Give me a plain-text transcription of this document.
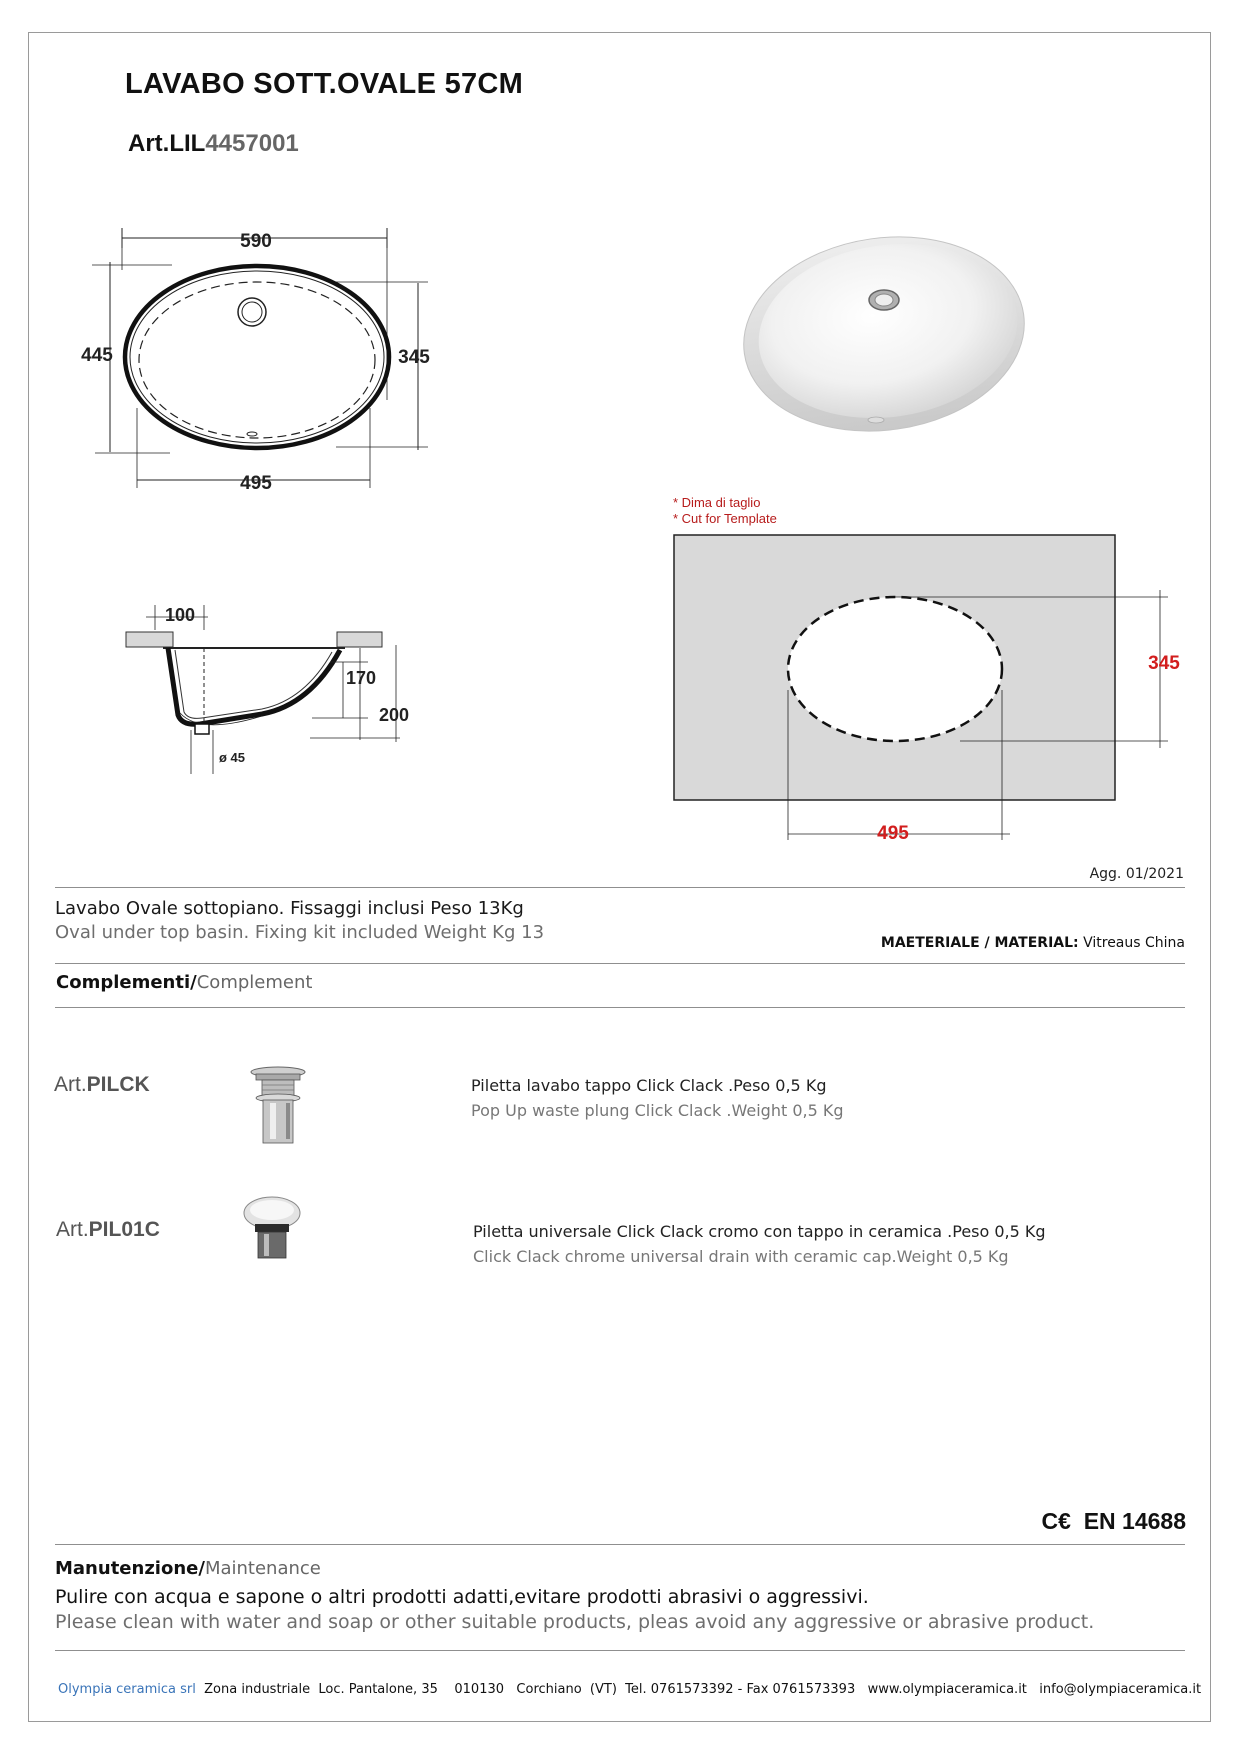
LAVABO SOTT.OVALE 57CM
Art.LIL4457001
590
445	345
495
100
170
200
ø 45
* Dima di taglio
* Cut for Template
345
495
Agg. 01/2021
Lavabo Ovale sottopiano. Fissaggi inclusi Peso 13Kg
Oval under top basin. Fixing kit included Weight Kg 13	MAETERIALE / MATERIAL: Vitreaus China
Complementi/Complement
Art.PILCK	Piletta lavabo tappo Click Clack .Peso 0,5 Kg
Pop Up waste plung Click Clack .Weight 0,5 Kg
Art.PIL01C	Piletta universale Click Clack cromo con tappo in ceramica .Peso 0,5 Kg
Click Clack chrome universal drain with ceramic cap.Weight 0,5 Kg
C€ EN 14688
Manutenzione/Maintenance
Pulire con acqua e sapone o altri prodotti adatti,evitare prodotti abrasivi o aggressivi.
Please clean with water and soap or other suitable products, pleas avoid any aggressive or abrasive product.
Olympia ceramica srl Zona industriale  Loc. Pantalone, 35    010130   Corchiano  (VT)  Tel. 0761573392 - Fax 0761573393   www.olympiaceramica.it   info@olympiaceramica.it
